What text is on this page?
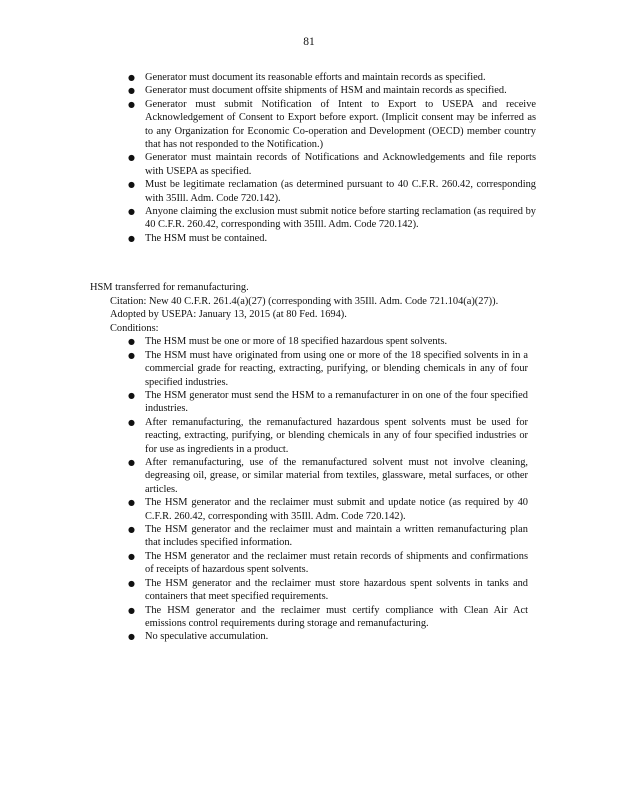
81
● Generator must document its reasonable efforts and maintain records as specified.
● Generator must document offsite shipments of HSM and maintain records as specified.
● Generator must submit Notification of Intent to Export to USEPA and receive Acknowledgement of Consent to Export before export. (Implicit consent may be inferred as to any Organization for Economic Co-operation and Development (OECD) member country that has not responded to the Notification.)
● Generator must maintain records of Notifications and Acknowledgements and file reports with USEPA as specified.
● Must be legitimate reclamation (as determined pursuant to 40 C.F.R. 260.42, corresponding with 35Ill. Adm. Code 720.142).
● Anyone claiming the exclusion must submit notice before starting reclamation (as required by 40 C.F.R. 260.42, corresponding with 35Ill. Adm. Code 720.142).
● The HSM must be contained.
HSM transferred for remanufacturing.
Citation: New 40 C.F.R. 261.4(a)(27) (corresponding with 35Ill. Adm. Code 721.104(a)(27)).
Adopted by USEPA: January 13, 2015 (at 80 Fed. 1694).
Conditions:
● The HSM must be one or more of 18 specified hazardous spent solvents.
● The HSM must have originated from using one or more of the 18 specified solvents in in a commercial grade for reacting, extracting, purifying, or blending chemicals in any of four specified industries.
● The HSM generator must send the HSM to a remanufacturer in on one of the four specified industries.
● After remanufacturing, the remanufactured hazardous spent solvents must be used for reacting, extracting, purifying, or blending chemicals in any of four specified industries or for use as ingredients in a product.
● After remanufacturing, use of the remanufactured solvent must not involve cleaning, degreasing oil, grease, or similar material from textiles, glassware, metal surfaces, or other articles.
● The HSM generator and the reclaimer must submit and update notice (as required by 40 C.F.R. 260.42, corresponding with 35Ill. Adm. Code 720.142).
● The HSM generator and the reclaimer must and maintain a written remanufacturing plan that includes specified information.
● The HSM generator and the reclaimer must retain records of shipments and confirmations of receipts of hazardous spent solvents.
● The HSM generator and the reclaimer must store hazardous spent solvents in tanks and containers that meet specified requirements.
● The HSM generator and the reclaimer must certify compliance with Clean Air Act emissions control requirements during storage and remanufacturing.
● No speculative accumulation.
